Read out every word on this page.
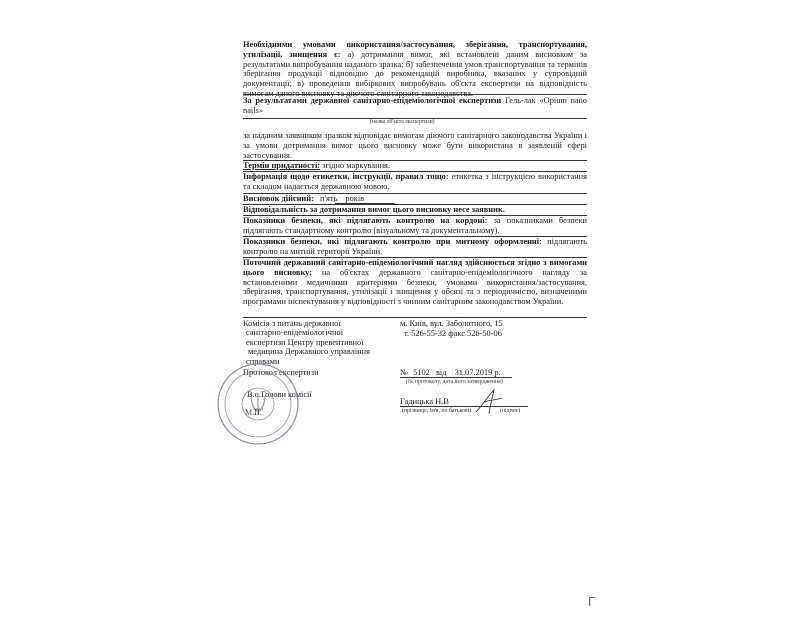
Необхідними умовами використання/застосування, зберігання, транспортування, утилізації, знищення є: а) дотримання вимог, які встановлені даним висновком за результатами випробування наданого зразка; б) забезпечення умов транспортування та термінів зберігання продукції відповідно до рекомендацій виробника, вказаних у супровідній документації; в) проведення вибіркових випробувань об'єкта експертизи на відповідність вимогам даного висновку та діючого санітарного законодавства.
За результатами державної санітарно-епідеміологічної експертизи Гель-лак «Opium nano nails»
(назва об'єкта експертизи)
за наданим заявником зразком відповідає вимогам діючого санітарного законодавства України і за умови дотримання вимог цього висновку може бути використана в заявленій сфері застосування.
Термін придатності: згідно маркування.
Інформація щодо етикетки, інструкції, правил тощо: етикетка з інструкцією використання та складом надається державною мовою.
Висновок дійсний: п'ять років
Відповідальність за дотримання вимог цього висновку несе заявник.
Показники безпеки, які підлягають контролю на кордоні: за показниками безпеки підлягають стандартному контролю (візуальному та документальному).
Показники безпеки, які підлягають контролю при митному оформленні: підлягають контролю на митній території України.
Поточний державний санітарно-епідеміологічний нагляд здійснюється згідно з вимогами цього висновку: на об'єктах державного санітарно-епідеміологічного нагляду за встановленими медичними критеріями безпеки, умовами використання/застосування, зберігання, транспортування, утилізації і знищення у обсязі та з періодичністю, визначеними програмами інспектування у відповідності з чинним санітарним законодавством України.
Комісія з питань державної
санітарно-епідеміологічної
експертизи Центру превентивної
медицина Державного управління
справами
м. Київ, вул. Заболотного, 15
т. 526-55-32 факс 526-50-06
Протокол експертизи	№ 5102 від 31.07.2019 р.
(№ протоколу, дата його затвердження)
В.о.Голови комісії
Гадицька Н.В
(прізвище, ім'я, по батькові)	(підпис)
М.П.
Г
